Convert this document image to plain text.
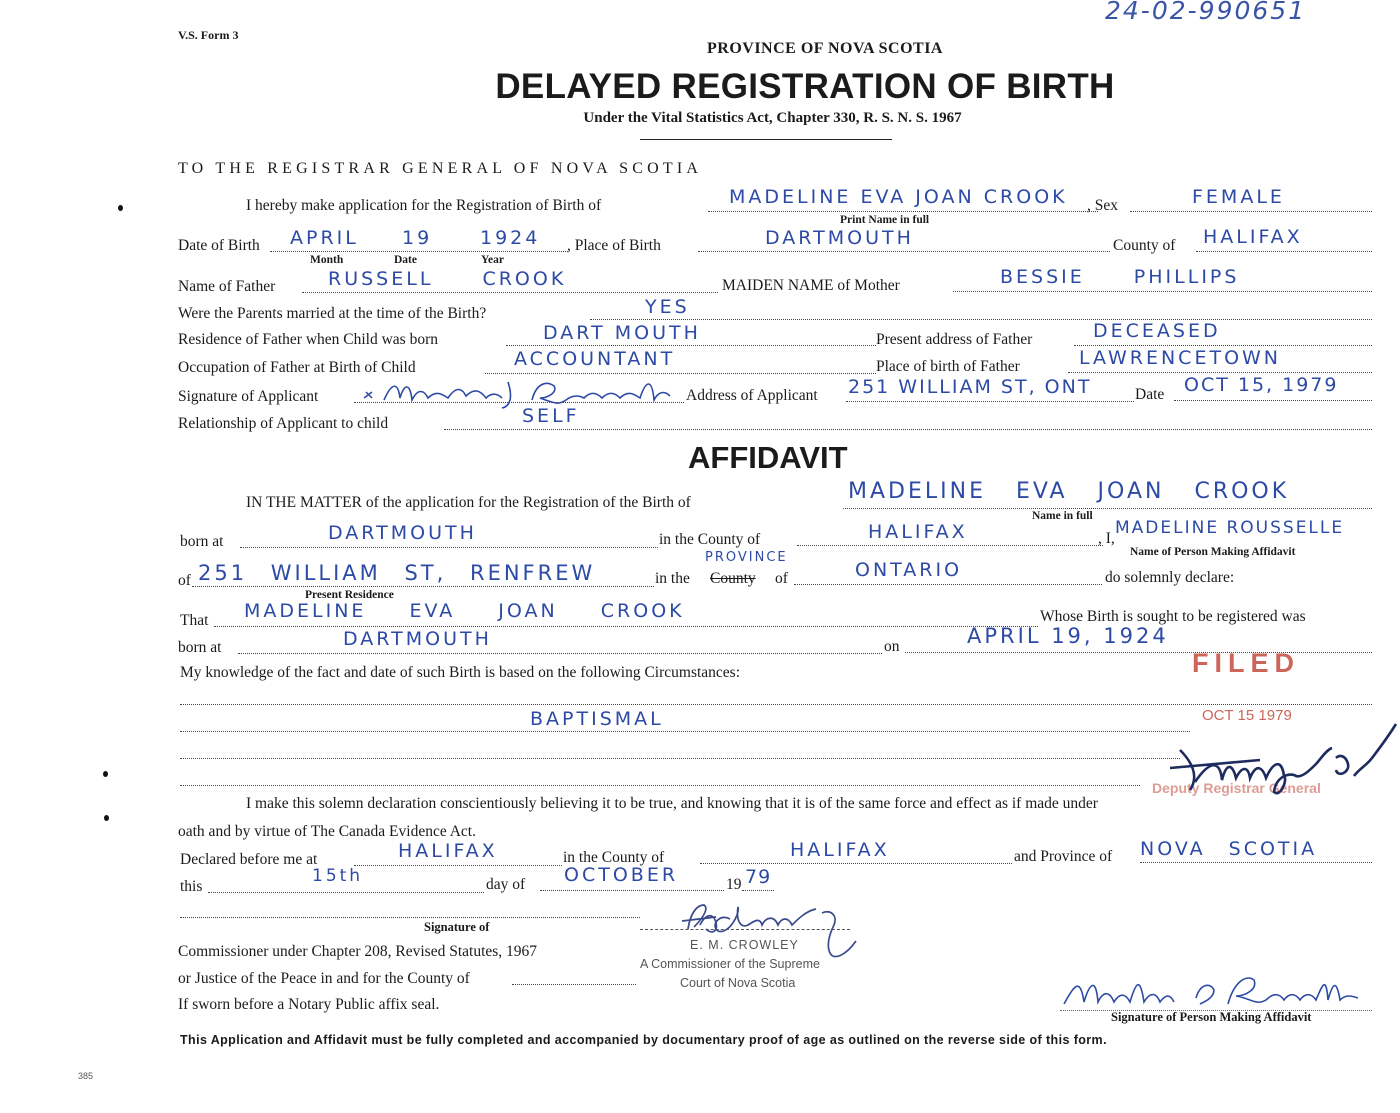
V.S. Form 3
24-02-990651
PROVINCE OF NOVA SCOTIA
DELAYED REGISTRATION OF BIRTH
Under the Vital Statistics Act, Chapter 330, R. S. N. S. 1967
TO THE REGISTRAR GENERAL OF NOVA SCOTIA
I hereby make application for the Registration of Birth of	MADELINE EVA JOAN CROOK
Print Name in full
, Sex	FEMALE
Date of Birth APRIL 19	1924
Month	Date	Year
, Place of Birth	DARTMOUTH	County of HALIFAX
Name of Father	RUSSELL CROOK	MAIDEN NAME of Mother	BESSIE PHILLIPS
Were the Parents married at the time of the Birth?	YES
Residence of Father when Child was born	DART MOUTH	Present address of Father	DECEASED
Occupation of Father at Birth of Child	ACCOUNTANT	Place of birth of Father	LAWRENCETOWN
Signature of Applicant	Address of Applicant 251 WILLIAM ST, ONT	Date OCT 15, 1979
Relationship of Applicant to child	SELF
AFFIDAVIT
IN THE MATTER of the application for the Registration of the Birth of	MADELINE EVA JOAN CROOK
Name in full
born at	DARTMOUTH	in the County of	HALIFAX	, I,
MADELINE ROUSSELLE
Name of Person Making Affidavit
of 251 WILLIAM ST, RENFREW
Present Residence
in the County
PROVINCE
of	ONTARIO	do solemnly declare:
That MADELINE EVA JOAN CROOK	Whose Birth is sought to be registered was
born at	DARTMOUTH	on	APRIL 19, 1924
My knowledge of the fact and date of such Birth is based on the following Circumstances:
BAPTISMAL
FILED
OCT 15 1979
Deputy Registrar General
I make this solemn declaration conscientiously believing it to be true, and knowing that it is of the same force and effect as if made under
oath and by virtue of The Canada Evidence Act.
Declared before me at	HALIFAX	in the County of	HALIFAX	and Province of NOVA SCOTIA
this
15th	day of OCTOBER	19 79
Signature of
Commissioner under Chapter 208, Revised Statutes, 1967
or Justice of the Peace in and for the County of
If sworn before a Notary Public affix seal.
E. M. CROWLEY
A Commissioner of the Supreme
Court of Nova Scotia
Signature of Person Making Affidavit
This Application and Affidavit must be fully completed and accompanied by documentary proof of age as outlined on the reverse side of this form.
385
